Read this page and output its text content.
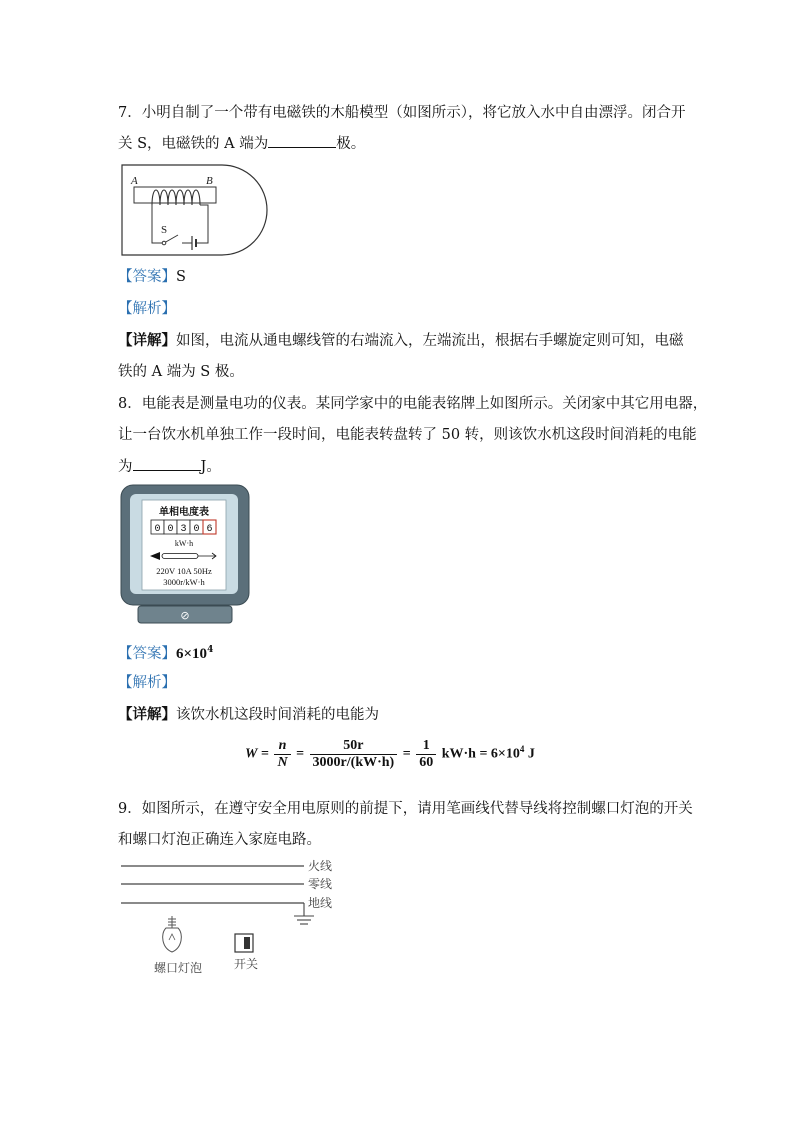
7．小明自制了一个带有电磁铁的木船模型（如图所示），将它放入水中自由漂浮。闭合开
关 S，电磁铁的 A 端为	极。
A	B
S
【答案】S
【解析】
【详解】如图，电流从通电螺线管的右端流入，左端流出，根据右手螺旋定则可知，电磁
铁的 A 端为 S 极。
8．电能表是测量电功的仪表。某同学家中的电能表铭牌上如图所示。关闭家中其它用电器，
让一台饮水机单独工作一段时间，电能表转盘转了 50 转，则该饮水机这段时间消耗的电能
为	J。
单相电度表
0 0 3 0 6
kW·h
220V 10A 50Hz
3000r/kW·h
⊘
【答案】$6\times 10^4$
【解析】
【详解】该饮水机这段时间消耗的电能为
$W = \frac{n}{N} = \frac{50r}{3000r/(kW\cdot h)} = \frac{1}{60} kW\cdot h = 6\times 10^4$ J
9．如图所示，在遵守安全用电原则的前提下，请用笔画线代替导线将控制螺口灯泡的开关
和螺口灯泡正确连入家庭电路。
火线
零线
地线
螺口灯泡	开关
